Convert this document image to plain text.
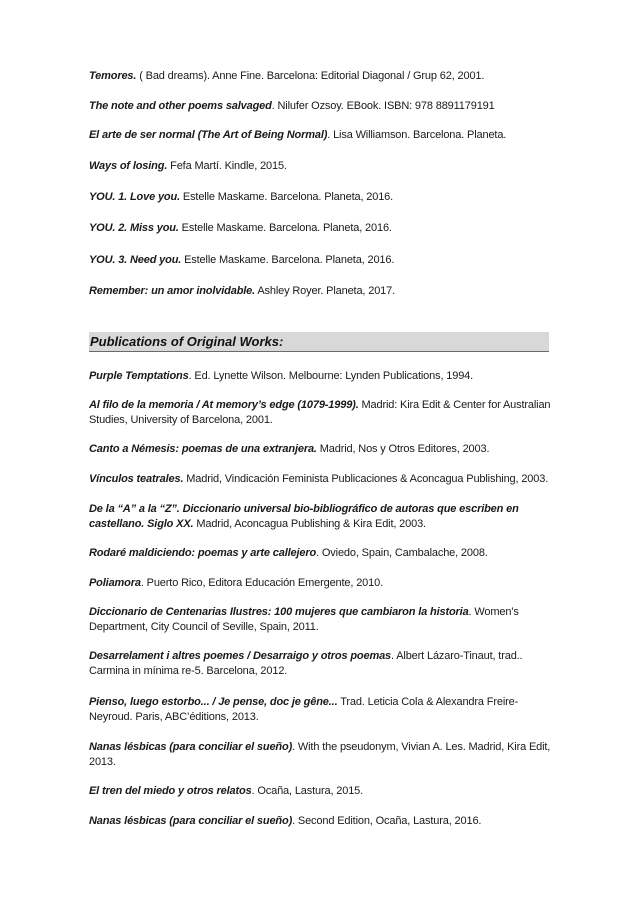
Temores. ( Bad dreams). Anne Fine. Barcelona: Editorial Diagonal / Grup 62, 2001.

The note and other poems salvaged. Nilufer Ozsoy. EBook. ISBN: 978 8891179191

El arte de ser normal (The Art of Being Normal). Lisa Williamson. Barcelona. Planeta.

Ways of losing. Fefa Martí. Kindle, 2015.

YOU. 1. Love you. Estelle Maskame. Barcelona. Planeta, 2016.

YOU. 2. Miss you. Estelle Maskame. Barcelona. Planeta, 2016.

YOU. 3. Need you. Estelle Maskame. Barcelona. Planeta, 2016.

Remember: un amor inolvidable. Ashley Royer. Planeta, 2017.

Purple Temptations. Ed. Lynette Wilson. Melbourne: Lynden Publications, 1994.

Al filo de la memoria / At memory’s edge (1079-1999). Madrid: Kira Edit & Center for Australian Studies, University of Barcelona, 2001.

Canto a Némesis: poemas de una extranjera. Madrid, Nos y Otros Editores, 2003.

Vínculos teatrales. Madrid, Vindicación Feminista Publicaciones & Aconcagua Publishing, 2003.

De la “A” a la “Z”. Diccionario universal bio-bibliográfico de autoras que escriben en castellano. Siglo XX. Madrid, Aconcagua Publishing & Kira Edit, 2003.

Rodaré maldiciendo: poemas y arte callejero. Oviedo, Spain, Cambalache, 2008.

Poliamora. Puerto Rico, Editora Educación Emergente, 2010.

Diccionario de Centenarias Ilustres: 100 mujeres que cambiaron la historia. Women’s Department, City Council of Seville, Spain, 2011.

Desarrelament i altres poemes / Desarraigo y otros poemas. Albert Lázaro-Tinaut, trad.. Carmina in mínima re-5. Barcelona, 2012.

Pienso, luego estorbo... / Je pense, doc je gêne... Trad. Leticia Cola & Alexandra Freire-Neyroud. Paris, ABC’éditions, 2013.

Nanas lésbicas (para conciliar el sueño). With the pseudonym, Vivian A. Les. Madrid, Kira Edit, 2013.

El tren del miedo y otros relatos. Ocaña, Lastura, 2015.

Nanas lésbicas (para conciliar el sueño). Second Edition, Ocaña, Lastura, 2016.

Publications of Original Works:
